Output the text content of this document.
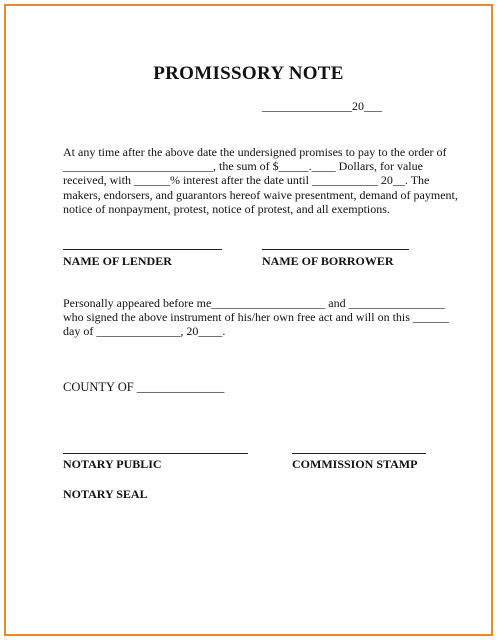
PROMISSORY NOTE
_______________20___
At any time after the above date the undersigned promises to pay to the order of
_________________________, the sum of $_____.____ Dollars, for value
received, with ______% interest after the date until ___________ 20__. The
makers, endorsers, and guarantors hereof waive presentment, demand of payment,
notice of nonpayment, protest, notice of protest, and all exemptions.
NAME OF LENDER	NAME OF BORROWER
Personally appeared before me___________________ and ________________
who signed the above instrument of his/her own free act and will on this ______
day of ______________, 20____.
COUNTY OF ______________
NOTARY PUBLIC	COMMISSION STAMP
NOTARY SEAL
